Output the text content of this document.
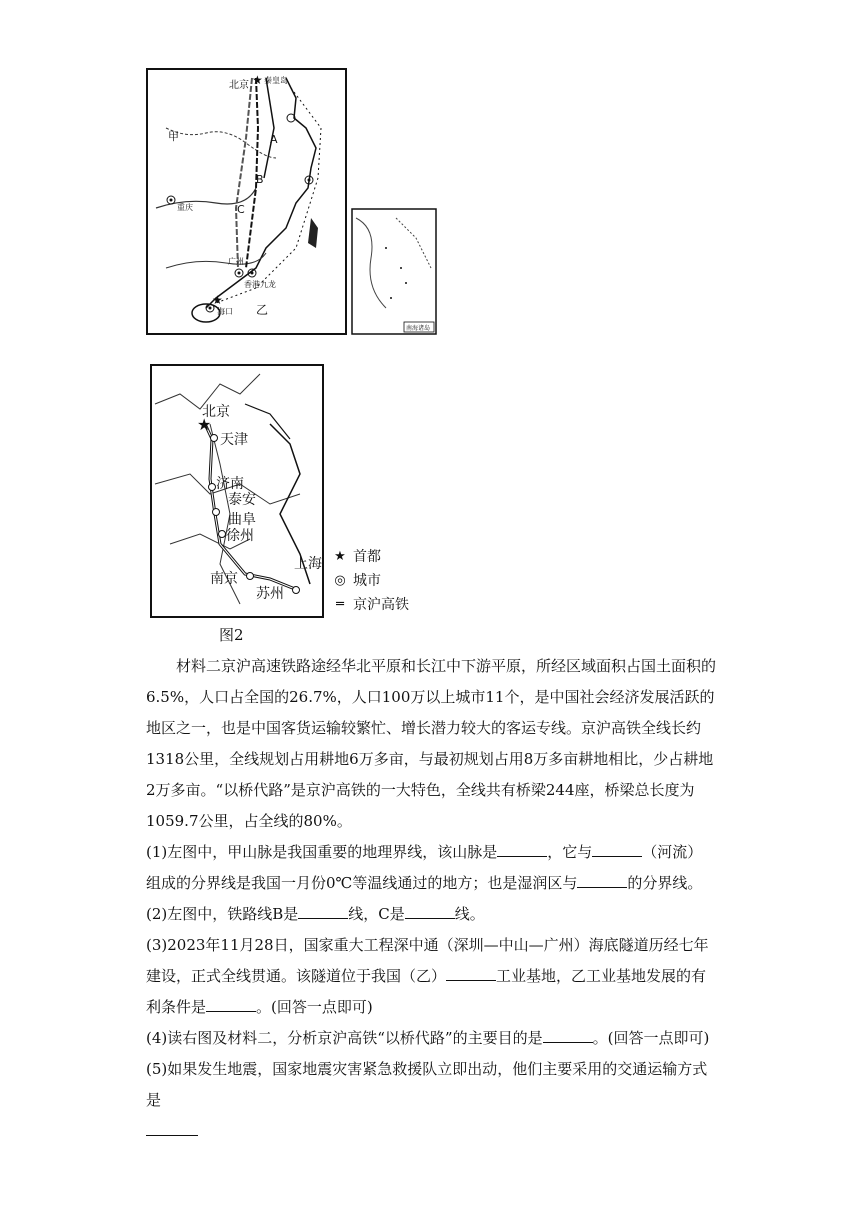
★
★
北京 秦皇岛
甲	A
B
C
重庆
广州
香港九龙
海口 乙
南海诸岛
★
北京
天津
济南
泰安
曲阜
徐州
南京
上海
苏州
图2
★ 首都
◎ 城市
═ 京沪高铁

材料二京沪高速铁路途经华北平原和长江中下游平原，所经区域面积占国土面积的6.5%，人口占全国的26.7%，人口100万以上城市11个，是中国社会经济发展活跃的地区之一，也是中国客货运输较繁忙、增长潜力较大的客运专线。京沪高铁全线长约1318公里，全线规划占用耕地6万多亩，与最初规划占用8万多亩耕地相比，少占耕地2万多亩。“以桥代路”是京沪高铁的一大特色，全线共有桥梁244座，桥梁总长度为1059.7公里，占全线的80%。

(1)左图中，甲山脉是我国重要的地理界线，该山脉是	，它与	（河流）组成的分界线是我国一月份0℃等温线通过的地方；也是湿润区与	的分界线。

(2)左图中，铁路线B是	线，C是	线。

(3)2023年11月28日，国家重大工程深中通（深圳—中山—广州）海底隧道历经七年建设，正式全线贯通。该隧道位于我国（乙）	工业基地，乙工业基地发展的有利条件是	。(回答一点即可)

(4)读右图及材料二，分析京沪高铁“以桥代路”的主要目的是	。(回答一点即可)

(5)如果发生地震，国家地震灾害紧急救援队立即出动，他们主要采用的交通运输方式是
